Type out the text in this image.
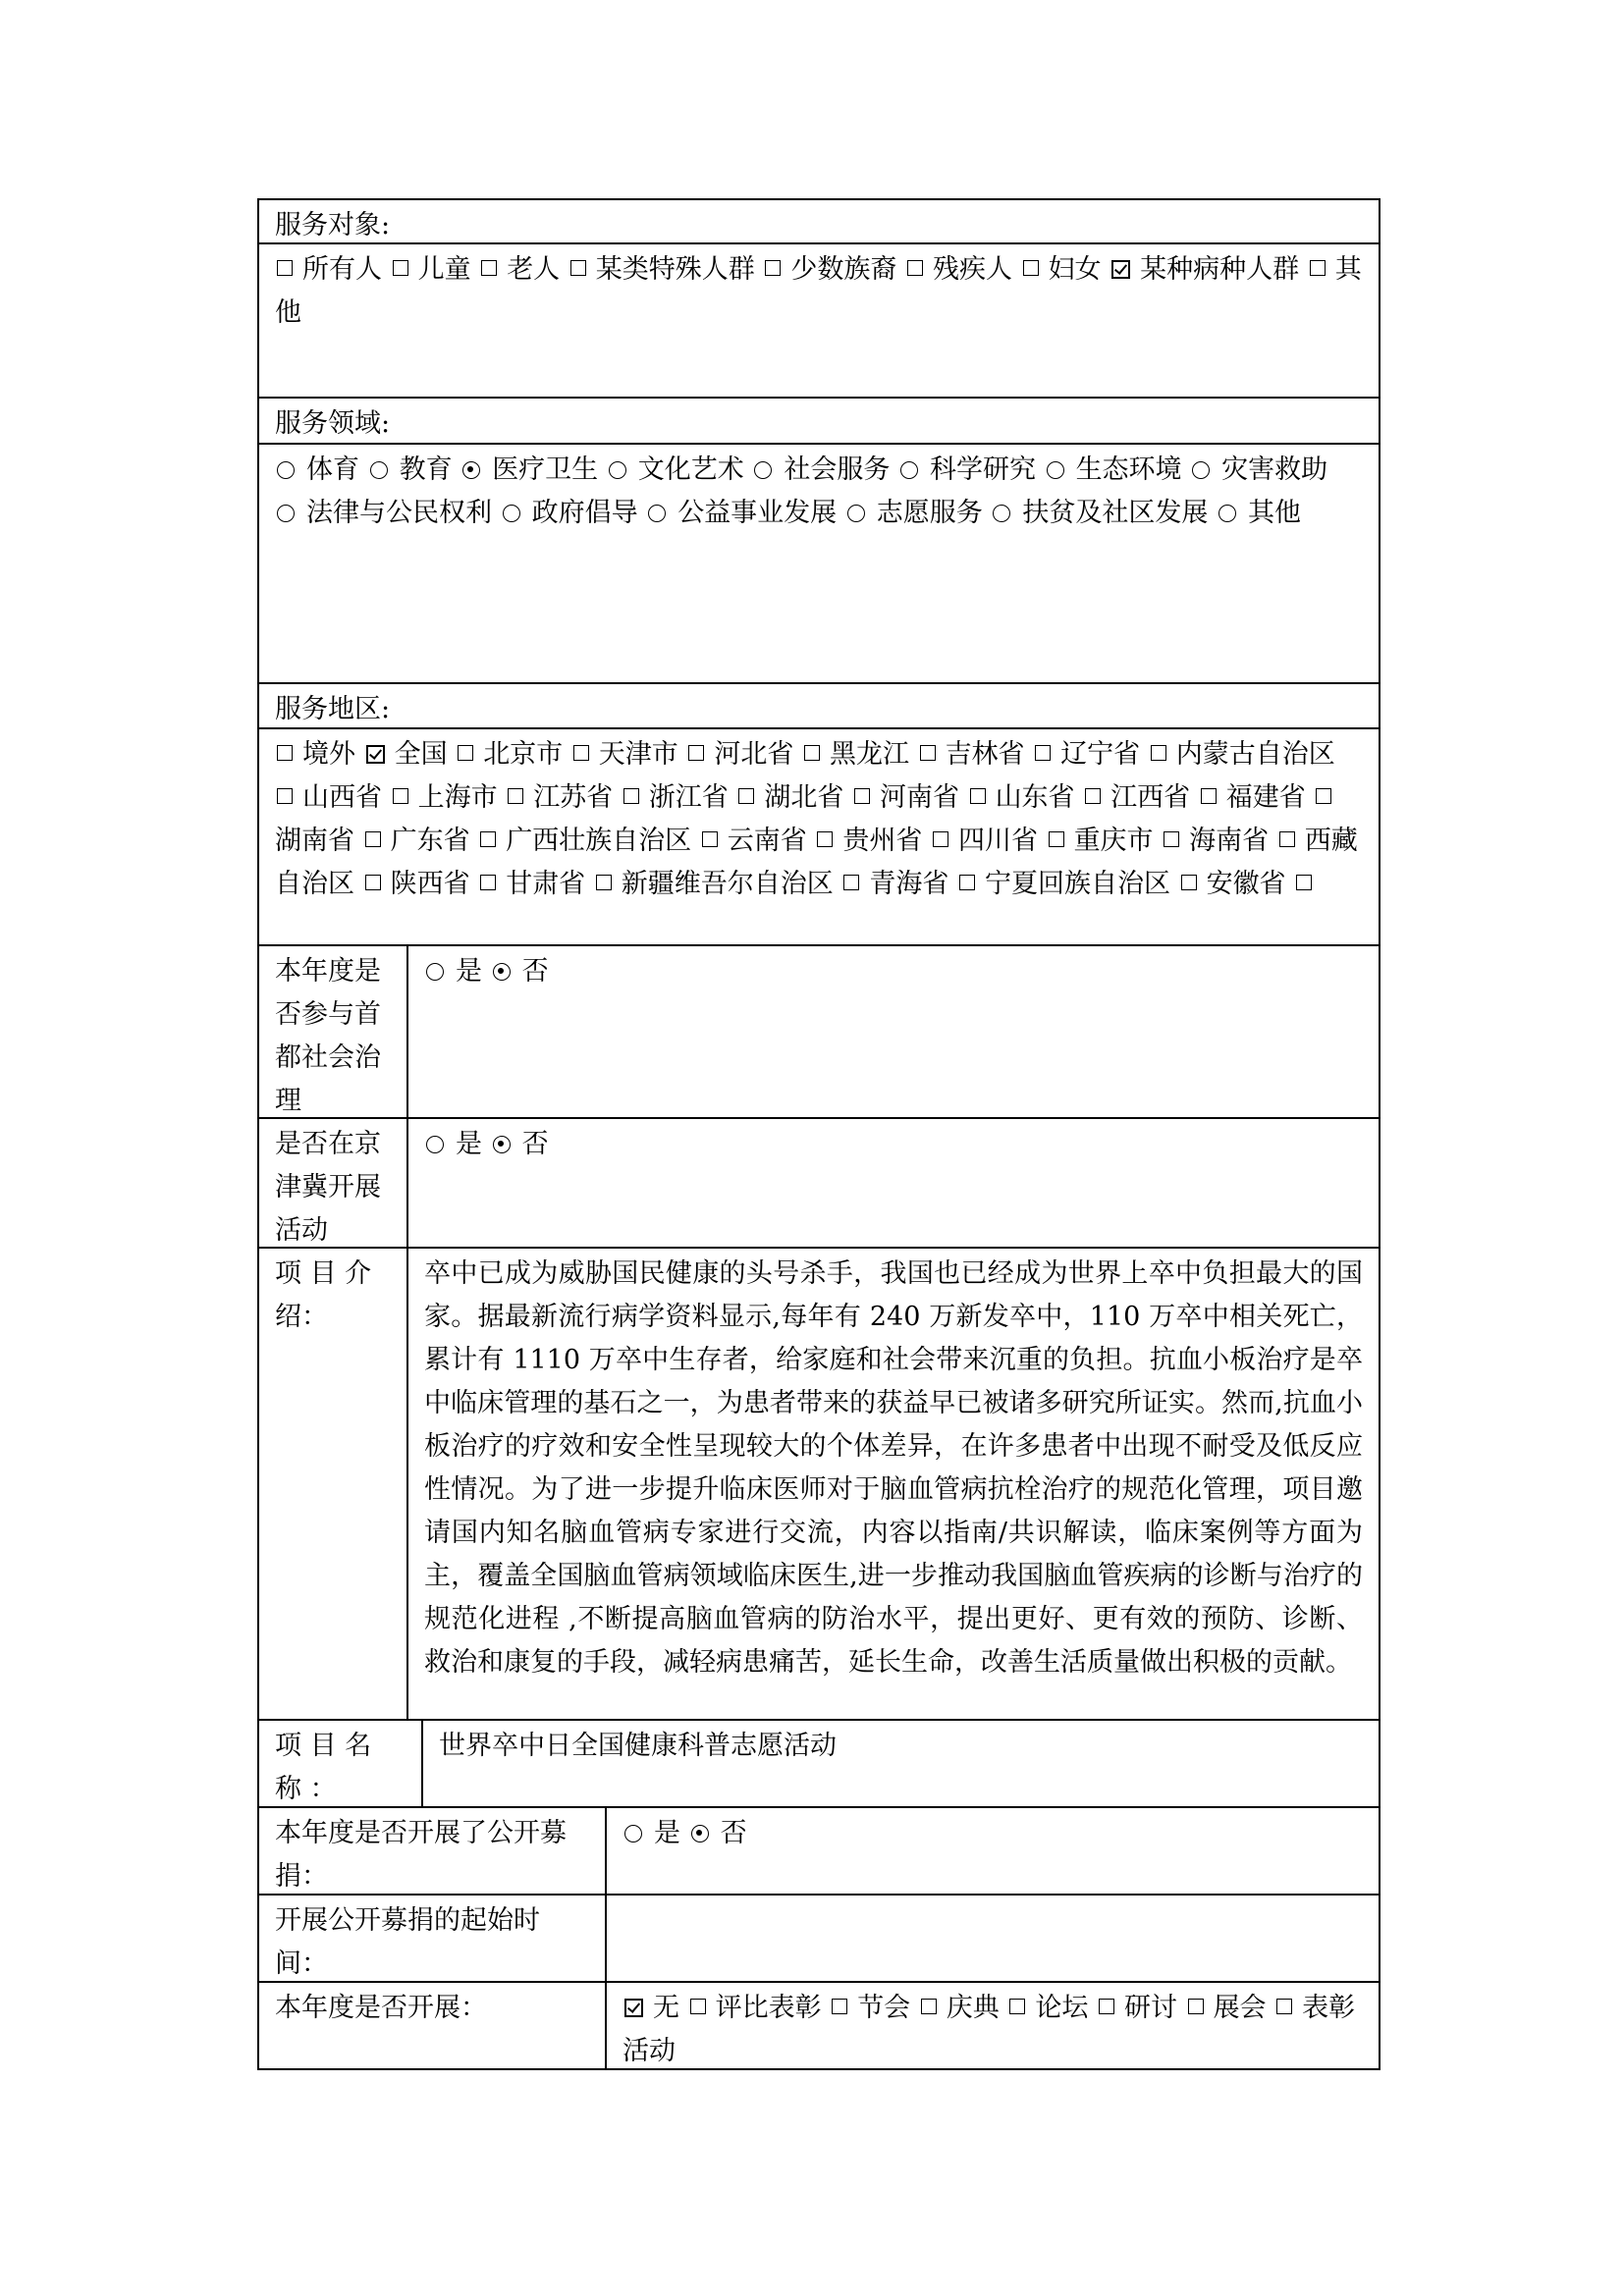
服务对象:
所有人 儿童 老人 某类特殊人群 少数族裔 残疾人 妇女 某种病种人群 其他
服务领域:
体育 教育 医疗卫生 文化艺术 社会服务 科学研究 生态环境 灾害救助 法律与公民权利 政府倡导 公益事业发展 志愿服务 扶贫及社区发展 其他
服务地区:
境外 全国 北京市 天津市 河北省 黑龙江 吉林省 辽宁省 内蒙古自治区 山西省 上海市 江苏省 浙江省 湖北省 河南省 山东省 江西省 福建省 湖南省 广东省 广西壮族自治区 云南省 贵州省 四川省 重庆市 海南省 西藏自治区 陕西省 甘肃省 新疆维吾尔自治区 青海省 宁夏回族自治区 安徽省
本年度是否参与首都社会治理
是 否
是否在京津冀开展活动
是 否
项 目 介 绍：
卒中已成为威胁国民健康的头号杀手，我国也已经成为世界上卒中负担最大的国家。据最新流行病学资料显示,每年有 240 万新发卒中，110 万卒中相关死亡，累计有 1110 万卒中生存者，给家庭和社会带来沉重的负担。抗血小板治疗是卒中临床管理的基石之一，为患者带来的获益早已被诸多研究所证实。然而,抗血小板治疗的疗效和安全性呈现较大的个体差异，在许多患者中出现不耐受及低反应性情况。为了进一步提升临床医师对于脑血管病抗栓治疗的规范化管理，项目邀请国内知名脑血管病专家进行交流，内容以指南/共识解读，临床案例等方面为主，覆盖全国脑血管病领域临床医生,进一步推动我国脑血管疾病的诊断与治疗的规范化进程 ,不断提高脑血管病的防治水平，提出更好、更有效的预防、诊断、救治和康复的手段，减轻病患痛苦，延长生命，改善生活质量做出积极的贡献。
项 目 名 称 ：
世界卒中日全国健康科普志愿活动
本年度是否开展了公开募捐：
是 否
开展公开募捐的起始时间：
本年度是否开展：	无 评比表彰 节会 庆典 论坛 研讨 展会 表彰活动
